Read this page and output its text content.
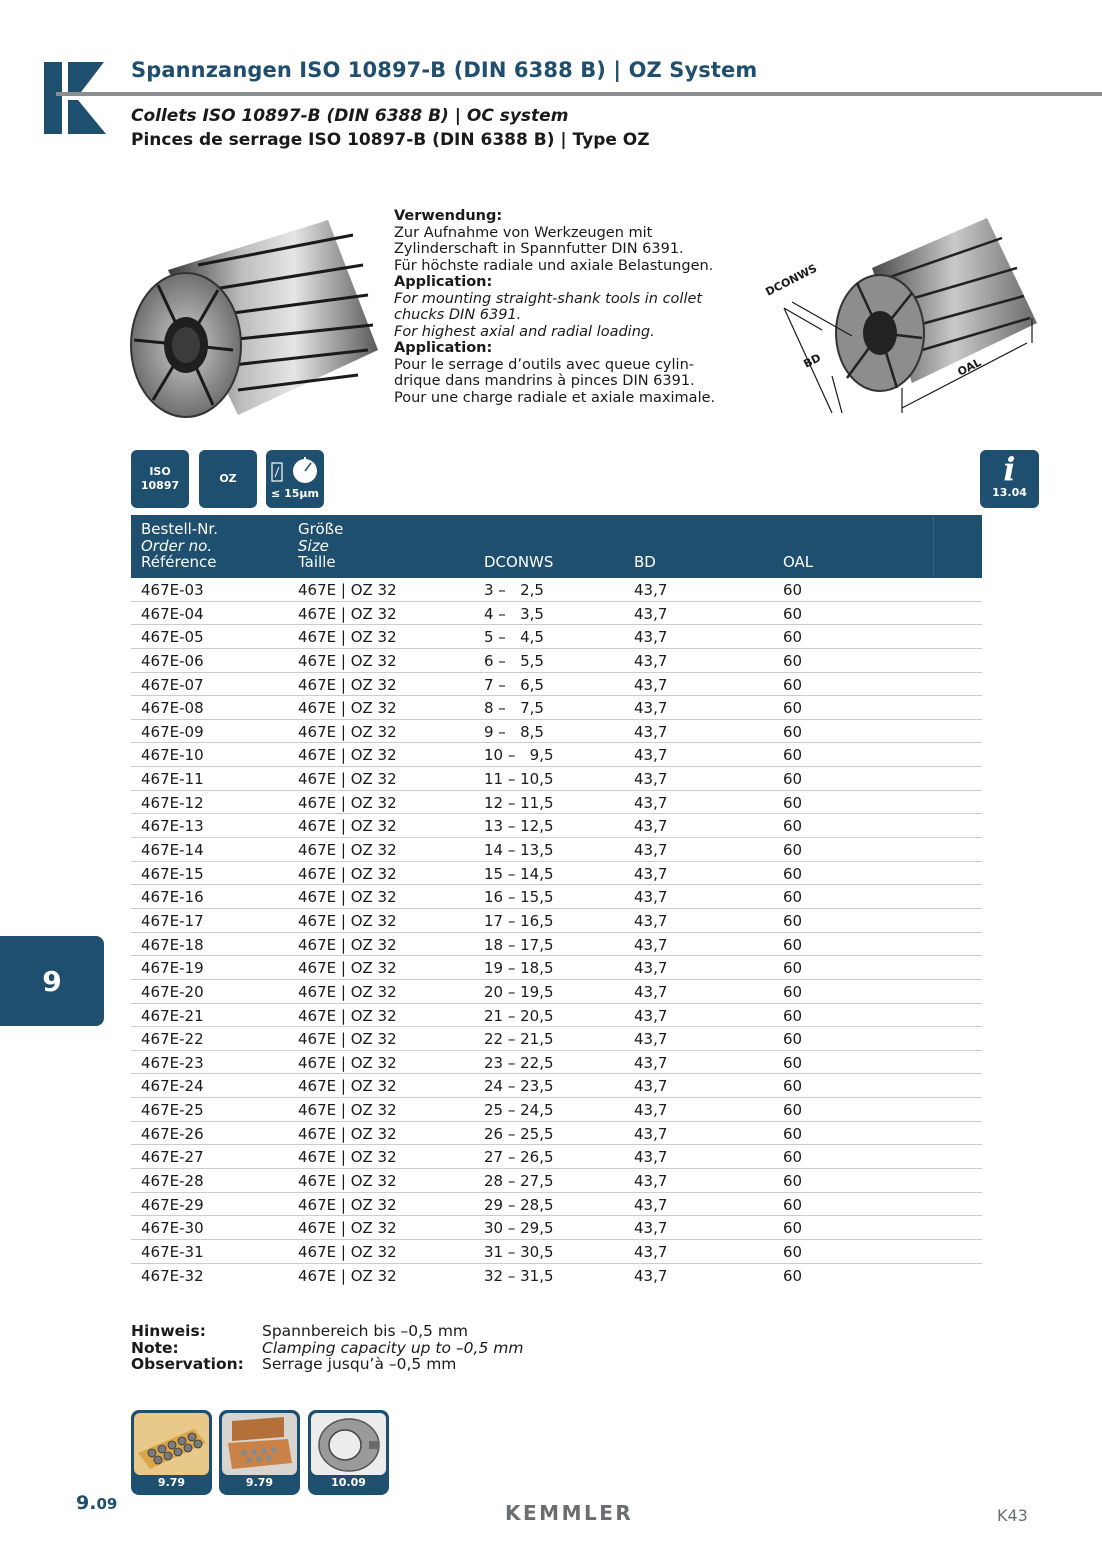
Spannzangen ISO 10897-B (DIN 6388 B) | OZ System
Collets ISO 10897-B (DIN 6388 B) | OC system
Pinces de serrage ISO 10897-B (DIN 6388 B) | Type OZ
Verwendung:
Zur Aufnahme von Werkzeugen mit
Zylinderschaft in Spannfutter DIN 6391.
Für höchste radiale und axiale Belastungen.
Application:
For mounting straight-shank tools in collet
chucks DIN 6391.
For highest axial and radial loading.
Application:
Pour le serrage d’outils avec queue cylin-
drique dans mandrins à pinces DIN 6391.
Pour une charge radiale et axiale maximale.
DCONWS
BD	OAL
ISO
10897
OZ
≤ 15µm
i
13.04
Bestell-Nr.
Order no.
Référence
Größe
Size
Taille	DCONWS	BD	OAL
467E-03	467E | OZ 32	3 –   2,5	43,7	60
467E-04	467E | OZ 32	4 –   3,5	43,7	60
467E-05	467E | OZ 32	5 –   4,5	43,7	60
467E-06	467E | OZ 32	6 –   5,5	43,7	60
467E-07	467E | OZ 32	7 –   6,5	43,7	60
467E-08	467E | OZ 32	8 –   7,5	43,7	60
467E-09	467E | OZ 32	9 –   8,5	43,7	60
467E-10	467E | OZ 32	10 –   9,5	43,7	60
467E-11	467E | OZ 32	11 – 10,5	43,7	60
467E-12	467E | OZ 32	12 – 11,5	43,7	60
467E-13	467E | OZ 32	13 – 12,5	43,7	60
467E-14	467E | OZ 32	14 – 13,5	43,7	60
467E-15	467E | OZ 32	15 – 14,5	43,7	60
467E-16	467E | OZ 32	16 – 15,5	43,7	60
467E-17	467E | OZ 32	17 – 16,5	43,7	60
467E-18	467E | OZ 32	18 – 17,5	43,7	60
467E-19	467E | OZ 32	19 – 18,5	43,7	60
467E-20	467E | OZ 32	20 – 19,5	43,7	60
467E-21	467E | OZ 32	21 – 20,5	43,7	60
467E-22	467E | OZ 32	22 – 21,5	43,7	60
467E-23	467E | OZ 32	23 – 22,5	43,7	60
467E-24	467E | OZ 32	24 – 23,5	43,7	60
467E-25	467E | OZ 32	25 – 24,5	43,7	60
467E-26	467E | OZ 32	26 – 25,5	43,7	60
467E-27	467E | OZ 32	27 – 26,5	43,7	60
467E-28	467E | OZ 32	28 – 27,5	43,7	60
467E-29	467E | OZ 32	29 – 28,5	43,7	60
467E-30	467E | OZ 32	30 – 29,5	43,7	60
467E-31	467E | OZ 32	31 – 30,5	43,7	60
467E-32	467E | OZ 32	32 – 31,5	43,7	60
9
Hinweis:	Spannbereich bis –0,5 mm
Note:	Clamping capacity up to –0,5 mm
Observation: Serrage jusqu’à –0,5 mm
9.79	9.79	10.09
9.09	KEMMLER	K43
